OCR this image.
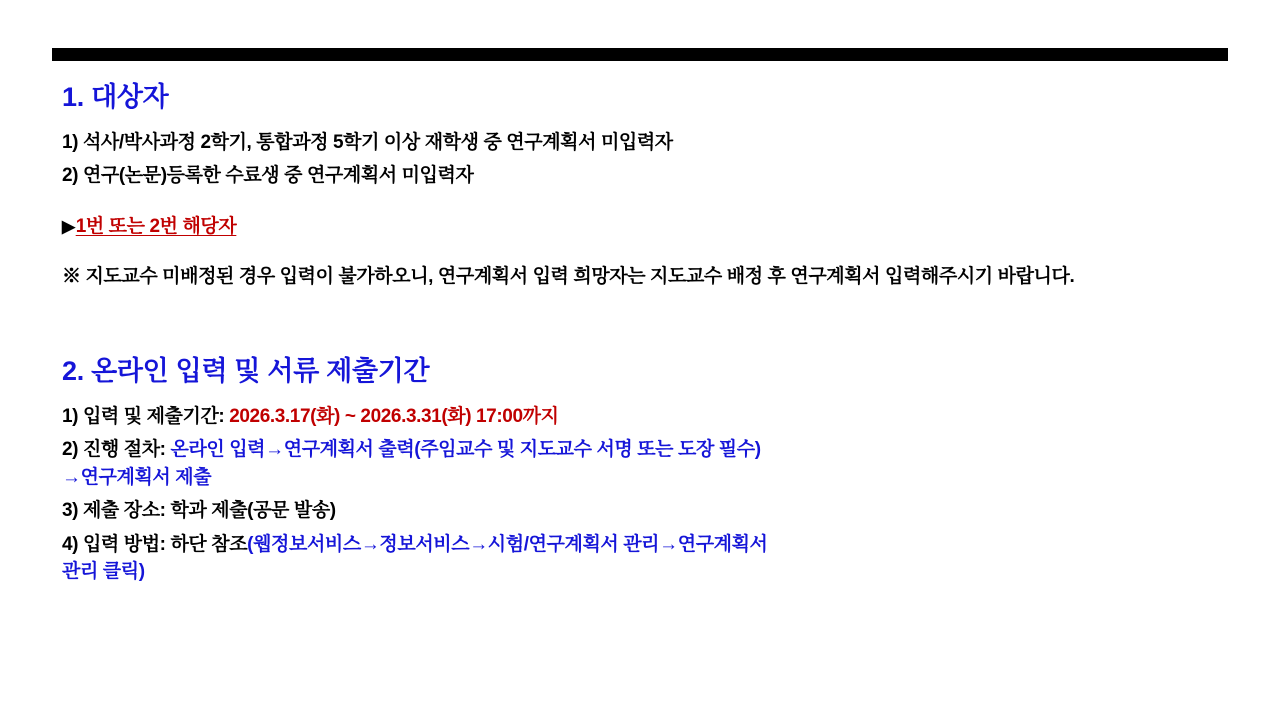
1. 대상자

1) 석사/박사과정 2학기, 통합과정 5학기 이상 재학생 중 연구계획서 미입력자

2) 연구(논문)등록한 수료생 중 연구계획서 미입력자

▶1번 또는 2번 해당자

※ 지도교수 미배정된 경우 입력이 불가하오니, 연구계획서 입력 희망자는 지도교수 배정 후 연구계획서 입력해주시기 바랍니다.

2. 온라인 입력 및 서류 제출기간

1) 입력 및 제출기간: 2026.3.17(화) ~ 2026.3.31(화) 17:00까지

2) 진행 절차: 온라인 입력→연구계획서 출력(주임교수 및 지도교수 서명 또는 도장 필수)
→연구계획서 제출

3) 제출 장소: 학과 제출(공문 발송)

4) 입력 방법: 하단 참조(웹정보서비스→정보서비스→시험/연구계획서 관리→연구계획서
관리 클릭)
